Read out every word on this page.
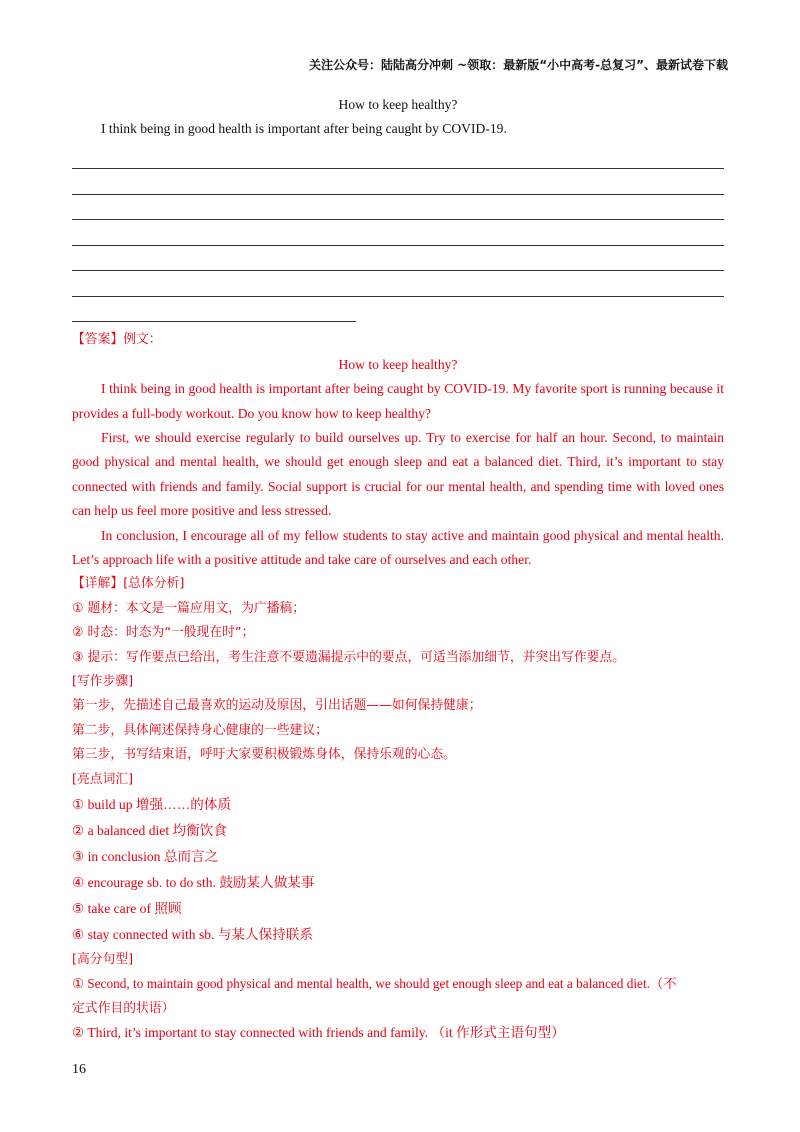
关注公众号：陆陆高分冲刺 ~领取：最新版“小中高考-总复习”、最新试卷下载
How to keep healthy?
I think being in good health is important after being caught by COVID-19.
【答案】例文：
How to keep healthy?
I think being in good health is important after being caught by COVID-19. My favorite sport is running because it provides a full-body workout. Do you know how to keep healthy?
First, we should exercise regularly to build ourselves up. Try to exercise for half an hour. Second, to maintain good physical and mental health, we should get enough sleep and eat a balanced diet. Third, it’s important to stay connected with friends and family. Social support is crucial for our mental health, and spending time with loved ones can help us feel more positive and less stressed.
In conclusion, I encourage all of my fellow students to stay active and maintain good physical and mental health. Let’s approach life with a positive attitude and take care of ourselves and each other.
【详解】[总体分析]
① 题材：本文是一篇应用文，为广播稿；
② 时态：时态为“一般现在时”；
③ 提示：写作要点已给出，考生注意不要遗漏提示中的要点，可适当添加细节，并突出写作要点。
[写作步骤]
第一步，先描述自己最喜欢的运动及原因，引出话题——如何保持健康；
第二步，具体阐述保持身心健康的一些建议；
第三步，书写结束语，呼吁大家要积极锻炼身体，保持乐观的心态。
[亮点词汇]
① build up 增强……的体质
② a balanced diet 均衡饮食
③ in conclusion 总而言之
④ encourage sb. to do sth. 鼓励某人做某事
⑤ take care of 照顾
⑥ stay connected with sb. 与某人保持联系
[高分句型]
① Second, to maintain good physical and mental health, we should get enough sleep and eat a balanced diet.（不
定式作目的状语）
② Third, it’s important to stay connected with friends and family. （it 作形式主语句型）
16
